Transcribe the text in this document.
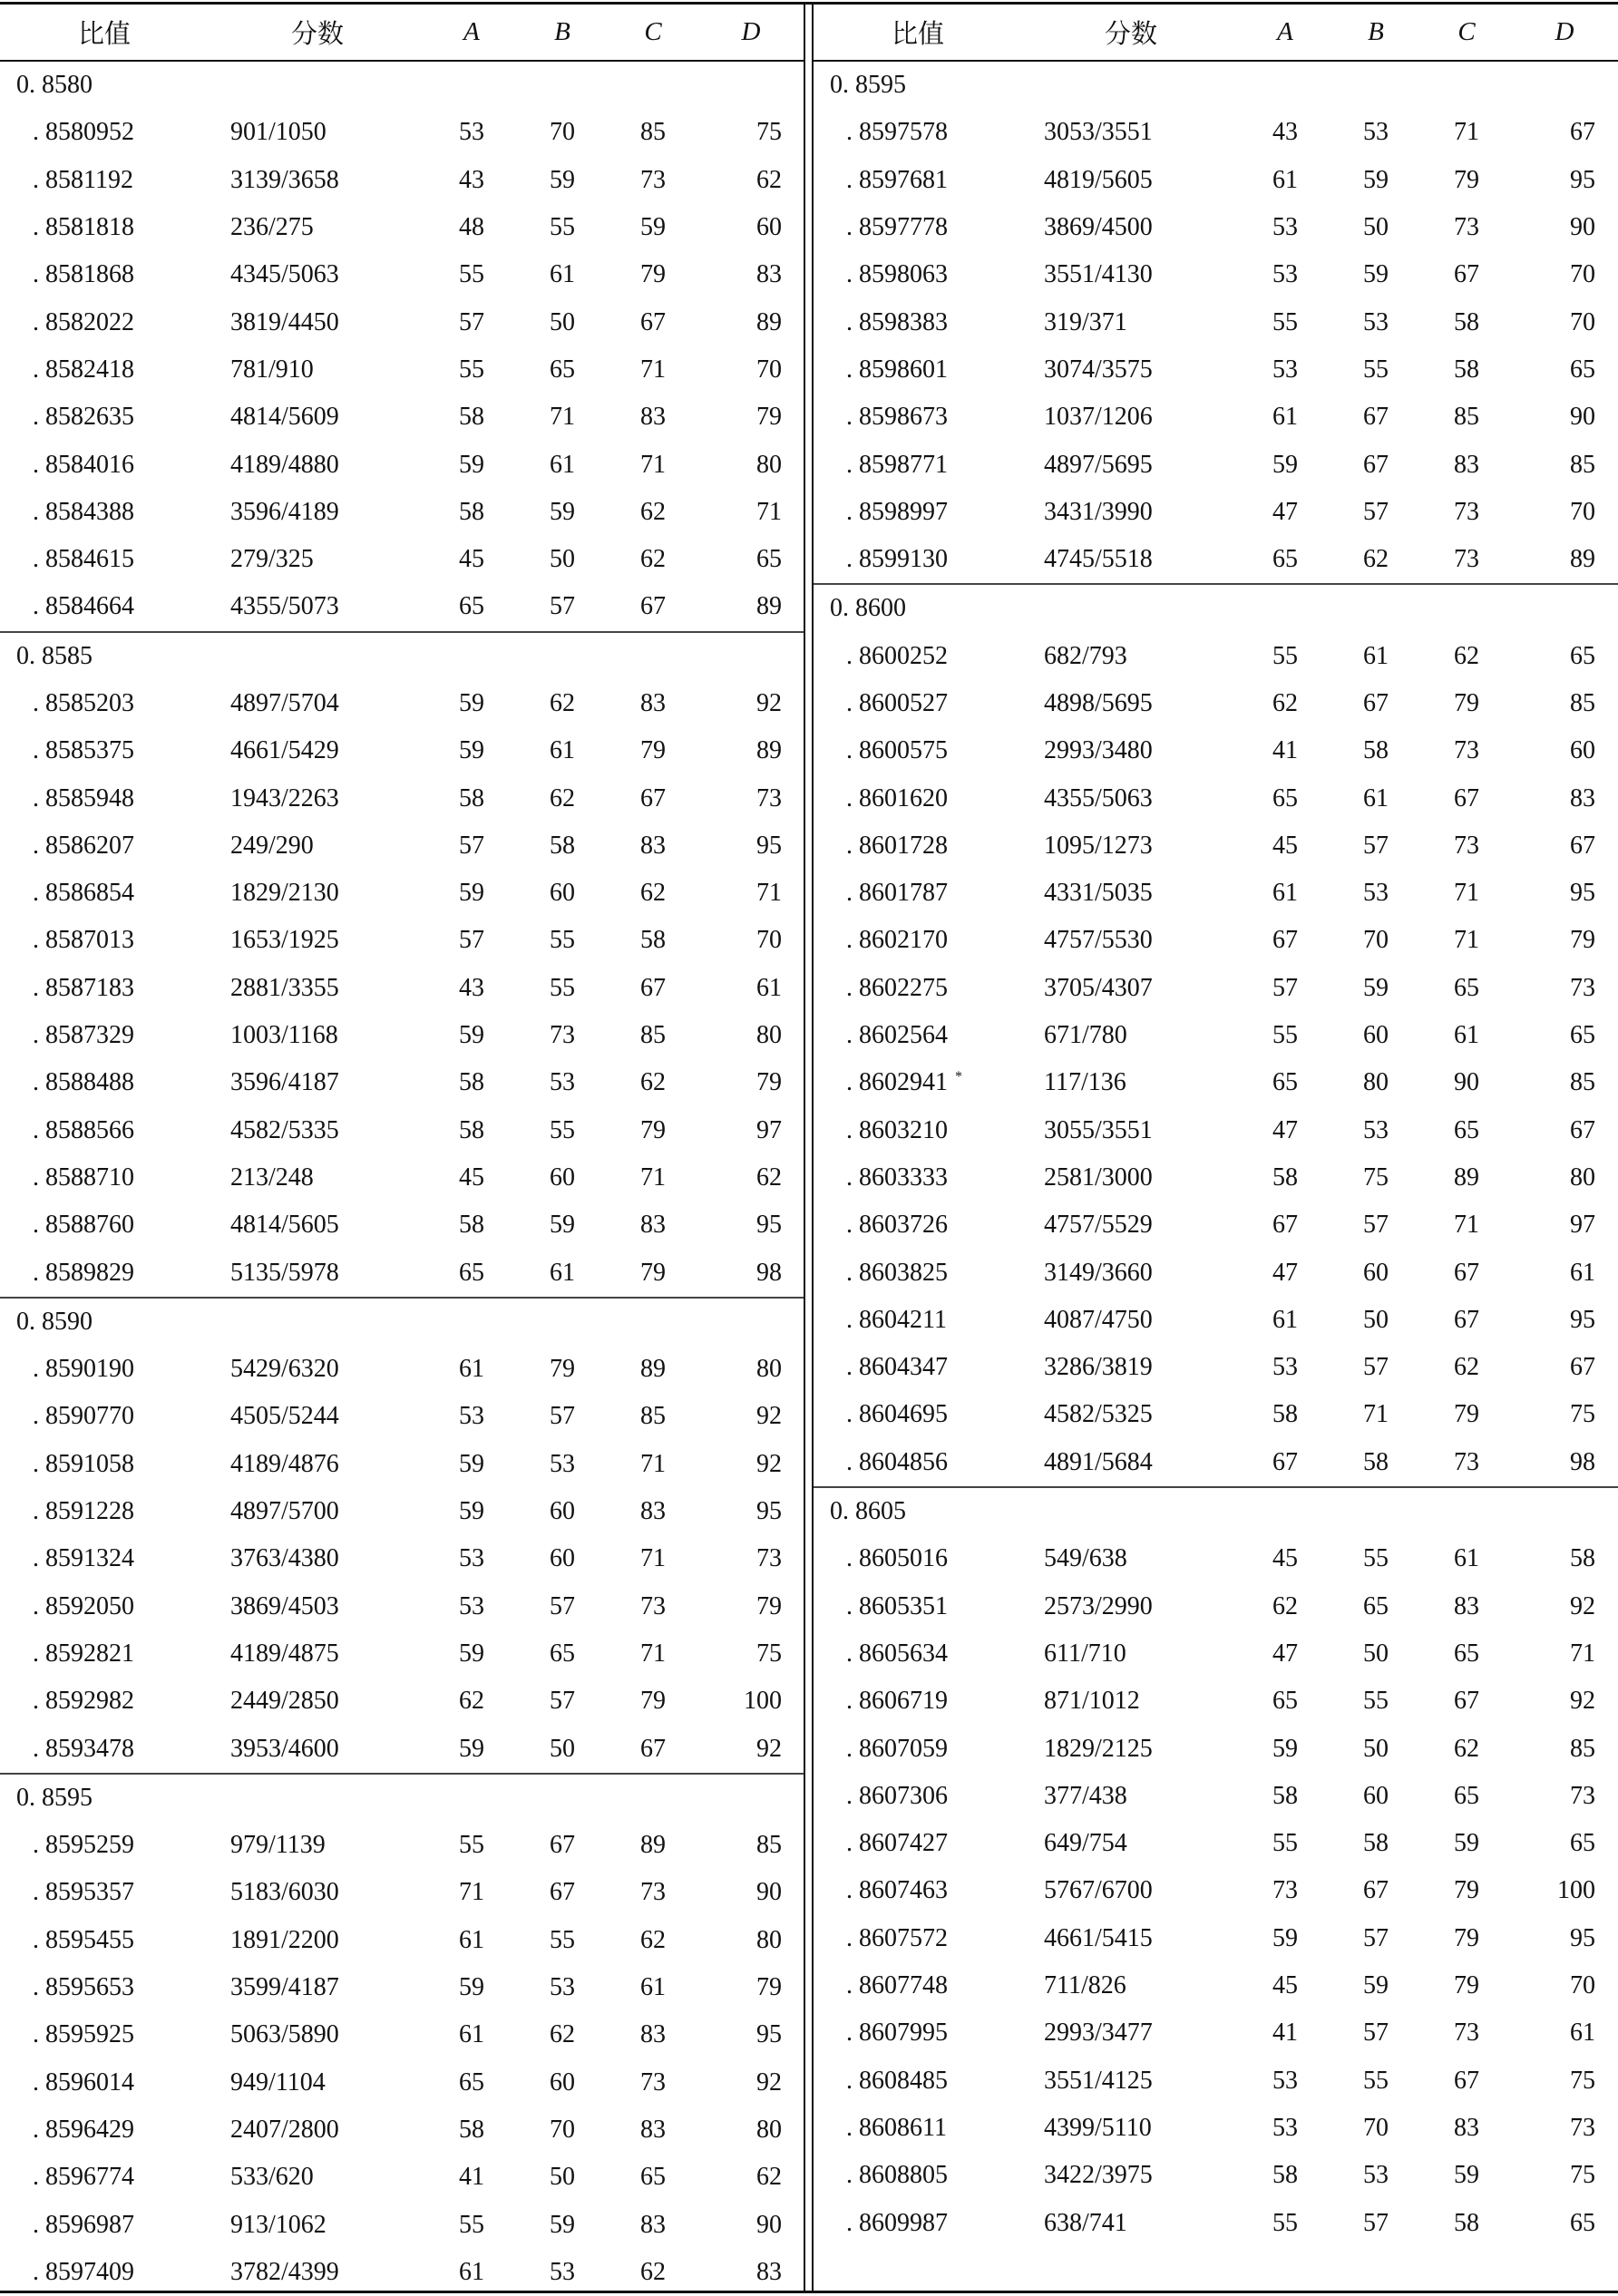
比值	分数	A	B	C	D
0. 8580
. 8580952	901/1050	53	70	85	75
. 8581192	3139/3658	43	59	73	62
. 8581818	236/275	48	55	59	60
. 8581868	4345/5063	55	61	79	83
. 8582022	3819/4450	57	50	67	89
. 8582418	781/910	55	65	71	70
. 8582635	4814/5609	58	71	83	79
. 8584016	4189/4880	59	61	71	80
. 8584388	3596/4189	58	59	62	71
. 8584615	279/325	45	50	62	65
. 8584664	4355/5073	65	57	67	89
0. 8585
. 8585203	4897/5704	59	62	83	92
. 8585375	4661/5429	59	61	79	89
. 8585948	1943/2263	58	62	67	73
. 8586207	249/290	57	58	83	95
. 8586854	1829/2130	59	60	62	71
. 8587013	1653/1925	57	55	58	70
. 8587183	2881/3355	43	55	67	61
. 8587329	1003/1168	59	73	85	80
. 8588488	3596/4187	58	53	62	79
. 8588566	4582/5335	58	55	79	97
. 8588710	213/248	45	60	71	62
. 8588760	4814/5605	58	59	83	95
. 8589829	5135/5978	65	61	79	98
0. 8590
. 8590190	5429/6320	61	79	89	80
. 8590770	4505/5244	53	57	85	92
. 8591058	4189/4876	59	53	71	92
. 8591228	4897/5700	59	60	83	95
. 8591324	3763/4380	53	60	71	73
. 8592050	3869/4503	53	57	73	79
. 8592821	4189/4875	59	65	71	75
. 8592982	2449/2850	62	57	79	100
. 8593478	3953/4600	59	50	67	92
0. 8595
. 8595259	979/1139	55	67	89	85
. 8595357	5183/6030	71	67	73	90
. 8595455	1891/2200	61	55	62	80
. 8595653	3599/4187	59	53	61	79
. 8595925	5063/5890	61	62	83	95
. 8596014	949/1104	65	60	73	92
. 8596429	2407/2800	58	70	83	80
. 8596774	533/620	41	50	65	62
. 8596987	913/1062	55	59	83	90
. 8597409	3782/4399	61	53	62	83
比值	分数	A	B	C	D
0. 8595
. 8597578	3053/3551	43	53	71	67
. 8597681	4819/5605	61	59	79	95
. 8597778	3869/4500	53	50	73	90
. 8598063	3551/4130	53	59	67	70
. 8598383	319/371	55	53	58	70
. 8598601	3074/3575	53	55	58	65
. 8598673	1037/1206	61	67	85	90
. 8598771	4897/5695	59	67	83	85
. 8598997	3431/3990	47	57	73	70
. 8599130	4745/5518	65	62	73	89
0. 8600
. 8600252	682/793	55	61	62	65
. 8600527	4898/5695	62	67	79	85
. 8600575	2993/3480	41	58	73	60
. 8601620	4355/5063	65	61	67	83
. 8601728	1095/1273	45	57	73	67
. 8601787	4331/5035	61	53	71	95
. 8602170	4757/5530	67	70	71	79
. 8602275	3705/4307	57	59	65	73
. 8602564	671/780	55	60	61	65
. 8602941 *	117/136	65	80	90	85
. 8603210	3055/3551	47	53	65	67
. 8603333	2581/3000	58	75	89	80
. 8603726	4757/5529	67	57	71	97
. 8603825	3149/3660	47	60	67	61
. 8604211	4087/4750	61	50	67	95
. 8604347	3286/3819	53	57	62	67
. 8604695	4582/5325	58	71	79	75
. 8604856	4891/5684	67	58	73	98
0. 8605
. 8605016	549/638	45	55	61	58
. 8605351	2573/2990	62	65	83	92
. 8605634	611/710	47	50	65	71
. 8606719	871/1012	65	55	67	92
. 8607059	1829/2125	59	50	62	85
. 8607306	377/438	58	60	65	73
. 8607427	649/754	55	58	59	65
. 8607463	5767/6700	73	67	79	100
. 8607572	4661/5415	59	57	79	95
. 8607748	711/826	45	59	79	70
. 8607995	2993/3477	41	57	73	61
. 8608485	3551/4125	53	55	67	75
. 8608611	4399/5110	53	70	83	73
. 8608805	3422/3975	58	53	59	75
. 8609987	638/741	55	57	58	65
